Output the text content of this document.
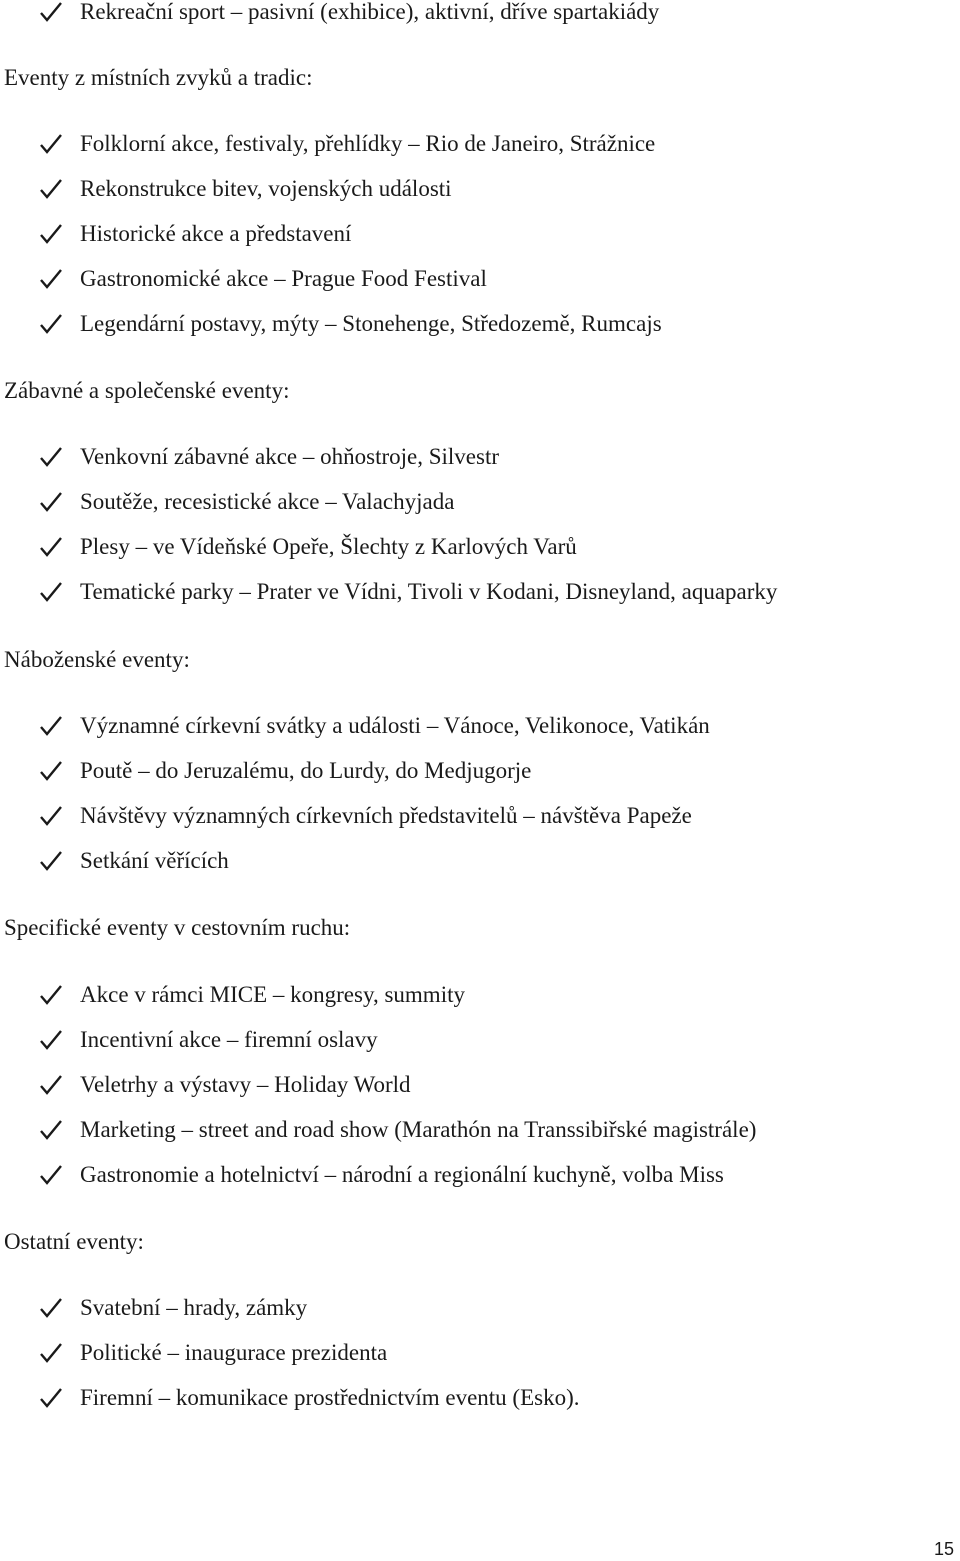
Rekreační sport – pasivní (exhibice), aktivní, dříve spartakiády
Eventy z místních zvyků a tradic:
Folklorní akce, festivaly, přehlídky – Rio de Janeiro, Strážnice
Rekonstrukce bitev, vojenských události
Historické akce a představení
Gastronomické akce – Prague Food Festival
Legendární postavy, mýty – Stonehenge, Středozemě, Rumcajs
Zábavné a společenské eventy:
Venkovní zábavné akce – ohňostroje, Silvestr
Soutěže, recesistické akce – Valachyjada
Plesy – ve Vídeňské Opeře, Šlechty z Karlových Varů
Tematické parky – Prater ve Vídni, Tivoli v Kodani, Disneyland, aquaparky
Náboženské eventy:
Významné církevní svátky a události – Vánoce, Velikonoce, Vatikán
Poutě – do Jeruzalému, do Lurdy, do Medjugorje
Návštěvy významných církevních představitelů – návštěva Papeže
Setkání věřících
Specifické eventy v cestovním ruchu:
Akce v rámci MICE – kongresy, summity
Incentivní akce – firemní oslavy
Veletrhy a výstavy – Holiday World
Marketing – street and road show (Marathón na Transsibiřské magistrále)
Gastronomie a hotelnictví – národní a regionální kuchyně, volba Miss
Ostatní eventy:
Svatební – hrady, zámky
Politické – inaugurace prezidenta
Firemní – komunikace prostřednictvím eventu (Esko).
15
